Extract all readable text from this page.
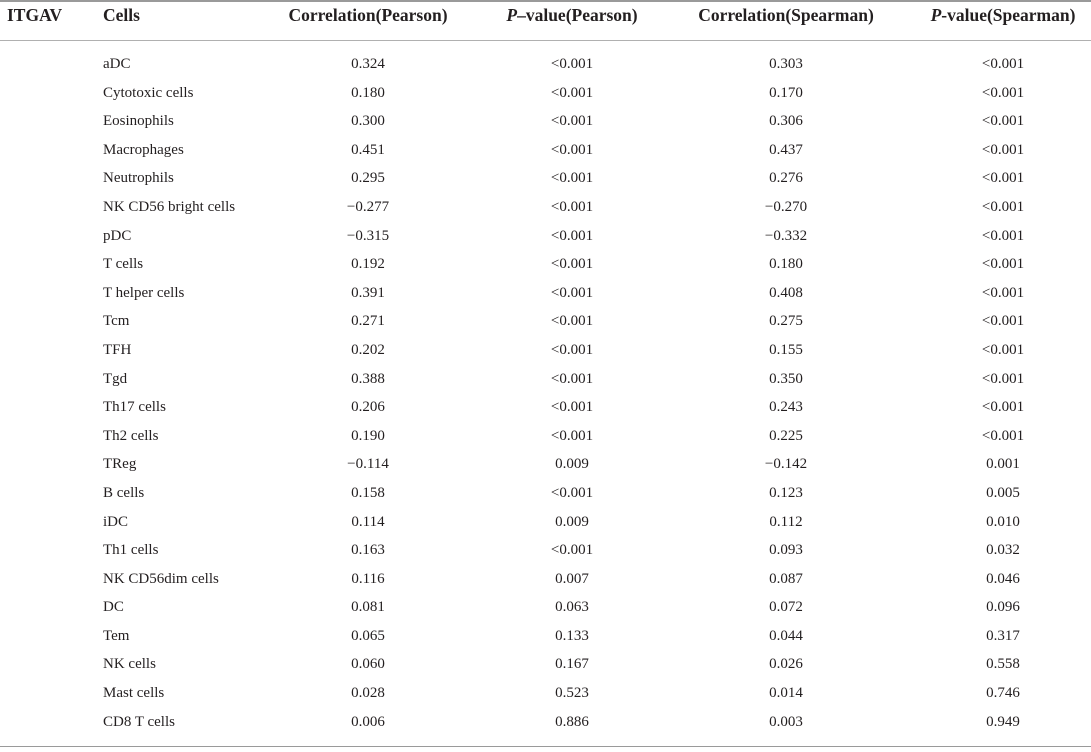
ITGAV Cells	Correlation(Pearson)	P–value(Pearson)	Correlation(Spearman)	P-value(Spearman)
aDC	0.324	<0.001	0.303	<0.001
Cytotoxic cells	0.180	<0.001	0.170	<0.001
Eosinophils	0.300	<0.001	0.306	<0.001
Macrophages	0.451	<0.001	0.437	<0.001
Neutrophils	0.295	<0.001	0.276	<0.001
NK CD56 bright cells	−0.277	<0.001	−0.270	<0.001
pDC	−0.315	<0.001	−0.332	<0.001
T cells	0.192	<0.001	0.180	<0.001
T helper cells	0.391	<0.001	0.408	<0.001
Tcm	0.271	<0.001	0.275	<0.001
TFH	0.202	<0.001	0.155	<0.001
Tgd	0.388	<0.001	0.350	<0.001
Th17 cells	0.206	<0.001	0.243	<0.001
Th2 cells	0.190	<0.001	0.225	<0.001
TReg	−0.114	0.009	−0.142	0.001
B cells	0.158	<0.001	0.123	0.005
iDC	0.114	0.009	0.112	0.010
Th1 cells	0.163	<0.001	0.093	0.032
NK CD56dim cells	0.116	0.007	0.087	0.046
DC	0.081	0.063	0.072	0.096
Tem	0.065	0.133	0.044	0.317
NK cells	0.060	0.167	0.026	0.558
Mast cells	0.028	0.523	0.014	0.746
CD8 T cells	0.006	0.886	0.003	0.949
